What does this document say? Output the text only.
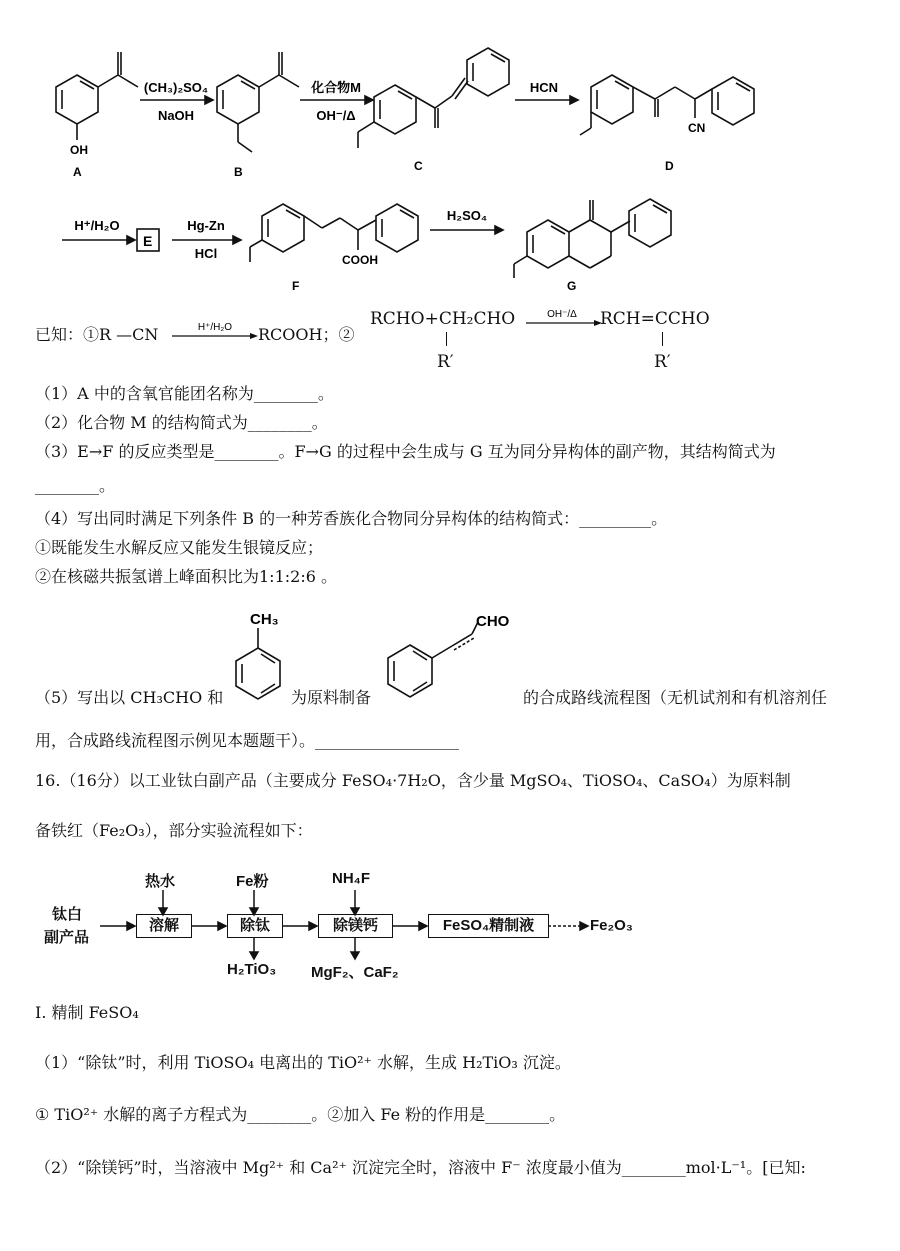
OH
A
(CH₃)₂SO₄
NaOH
B
化合物M
OH⁻/Δ
C
HCN
CN
D
H⁺/H₂O
E
Hg-Zn
HCl	COOH
F
H₂SO₄
G
已知：①R —CN	H⁺/H₂O RCOOH；②
RCHO+CH₂CHO
R′
OH⁻/Δ RCH=CCHO
R′
（1）A 中的含氧官能团名称为________。
（2）化合物 M 的结构简式为________。
（3）E→F 的反应类型是________。F→G 的过程中会生成与 G 互为同分异构体的副产物，其结构简式为
________。
（4）写出同时满足下列条件 B 的一种芳香族化合物同分异构体的结构简式：_________。
①既能发生水解反应又能发生银镜反应；
②在核磁共振氢谱上峰面积比为1:1:2:6 。
CH₃	CHO
（5）写出以 CH₃CHO 和	为原料制备	的合成路线流程图（无机试剂和有机溶剂任
用，合成路线流程图示例见本题题干）。__________________
16.（16分）以工业钛白副产品（主要成分 FeSO₄·7H₂O，含少量 MgSO₄、TiOSO₄、CaSO₄）为原料制
备铁红（Fe₂O₃），部分实验流程如下：
钛白
副产品
热水	Fe粉	NH₄F
溶解	除钛	除镁钙	FeSO₄精制液	Fe₂O₃
H₂TiO₃ MgF₂、CaF₂
I. 精制 FeSO₄
（1）“除钛”时，利用 TiOSO₄ 电离出的 TiO²⁺ 水解，生成 H₂TiO₃ 沉淀。
① TiO²⁺ 水解的离子方程式为________。②加入 Fe 粉的作用是________。
（2）“除镁钙”时，当溶液中 Mg²⁺ 和 Ca²⁺ 沉淀完全时，溶液中 F⁻ 浓度最小值为________mol·L⁻¹。[已知:
